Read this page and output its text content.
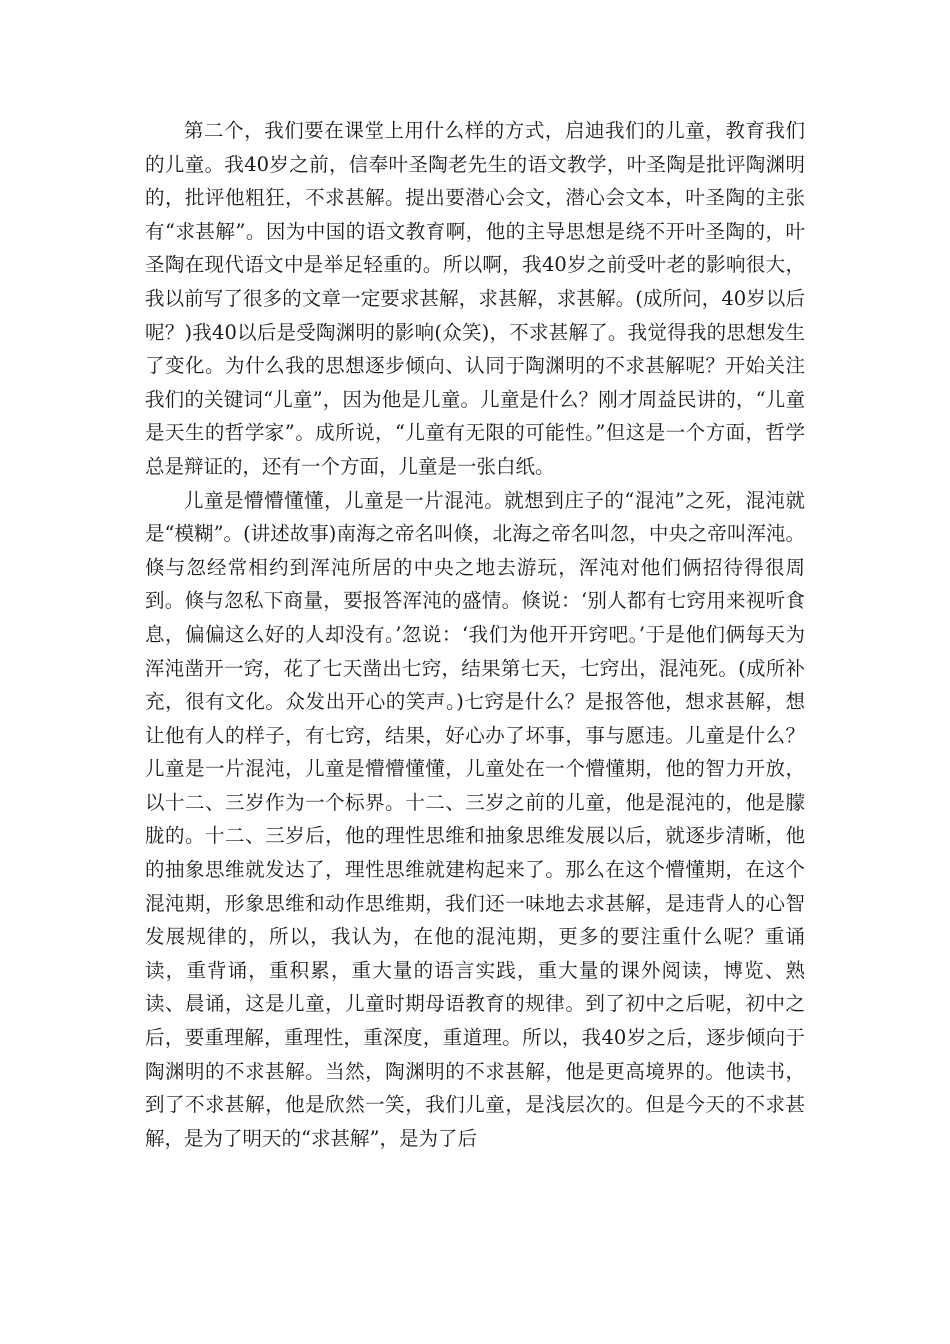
第二个，我们要在课堂上用什么样的方式，启迪我们的儿童，教育我们的儿童。我40岁之前，信奉叶圣陶老先生的语文教学，叶圣陶是批评陶渊明的，批评他粗狂，不求甚解。提出要潜心会文，潜心会文本，叶圣陶的主张有“求甚解”。因为中国的语文教育啊，他的主导思想是绕不开叶圣陶的，叶圣陶在现代语文中是举足轻重的。所以啊，我40岁之前受叶老的影响很大，我以前写了很多的文章一定要求甚解，求甚解，求甚解。(成所问，40岁以后呢？)我40以后是受陶渊明的影响(众笑)，不求甚解了。我觉得我的思想发生了变化。为什么我的思想逐步倾向、认同于陶渊明的不求甚解呢？开始关注我们的关键词“儿童”，因为他是儿童。儿童是什么？刚才周益民讲的，“儿童是天生的哲学家”。成所说，“儿童有无限的可能性。”但这是一个方面，哲学总是辩证的，还有一个方面，儿童是一张白纸。

儿童是懵懵懂懂，儿童是一片混沌。就想到庄子的“混沌”之死，混沌就是“模糊”。(讲述故事)南海之帝名叫倏，北海之帝名叫忽，中央之帝叫浑沌。倏与忽经常相约到浑沌所居的中央之地去游玩，浑沌对他们俩招待得很周到。倏与忽私下商量，要报答浑沌的盛情。倏说：‘别人都有七窍用来视听食息，偏偏这么好的人却没有。’忽说：‘我们为他开开窍吧。’于是他们俩每天为浑沌凿开一窍，花了七天凿出七窍，结果第七天，七窍出，混沌死。(成所补充，很有文化。众发出开心的笑声。)七窍是什么？是报答他，想求甚解，想让他有人的样子，有七窍，结果，好心办了坏事，事与愿违。儿童是什么？儿童是一片混沌，儿童是懵懵懂懂，儿童处在一个懵懂期，他的智力开放，以十二、三岁作为一个标界。十二、三岁之前的儿童，他是混沌的，他是朦胧的。十二、三岁后，他的理性思维和抽象思维发展以后，就逐步清晰，他的抽象思维就发达了，理性思维就建构起来了。那么在这个懵懂期，在这个混沌期，形象思维和动作思维期，我们还一味地去求甚解，是违背人的心智发展规律的，所以，我认为，在他的混沌期，更多的要注重什么呢？重诵读，重背诵，重积累，重大量的语言实践，重大量的课外阅读，博览、熟读、晨诵，这是儿童，儿童时期母语教育的规律。到了初中之后呢，初中之后，要重理解，重理性，重深度，重道理。所以，我40岁之后，逐步倾向于陶渊明的不求甚解。当然，陶渊明的不求甚解，他是更高境界的。他读书，到了不求甚解，他是欣然一笑，我们儿童，是浅层次的。但是今天的不求甚解，是为了明天的“求甚解”，是为了后
